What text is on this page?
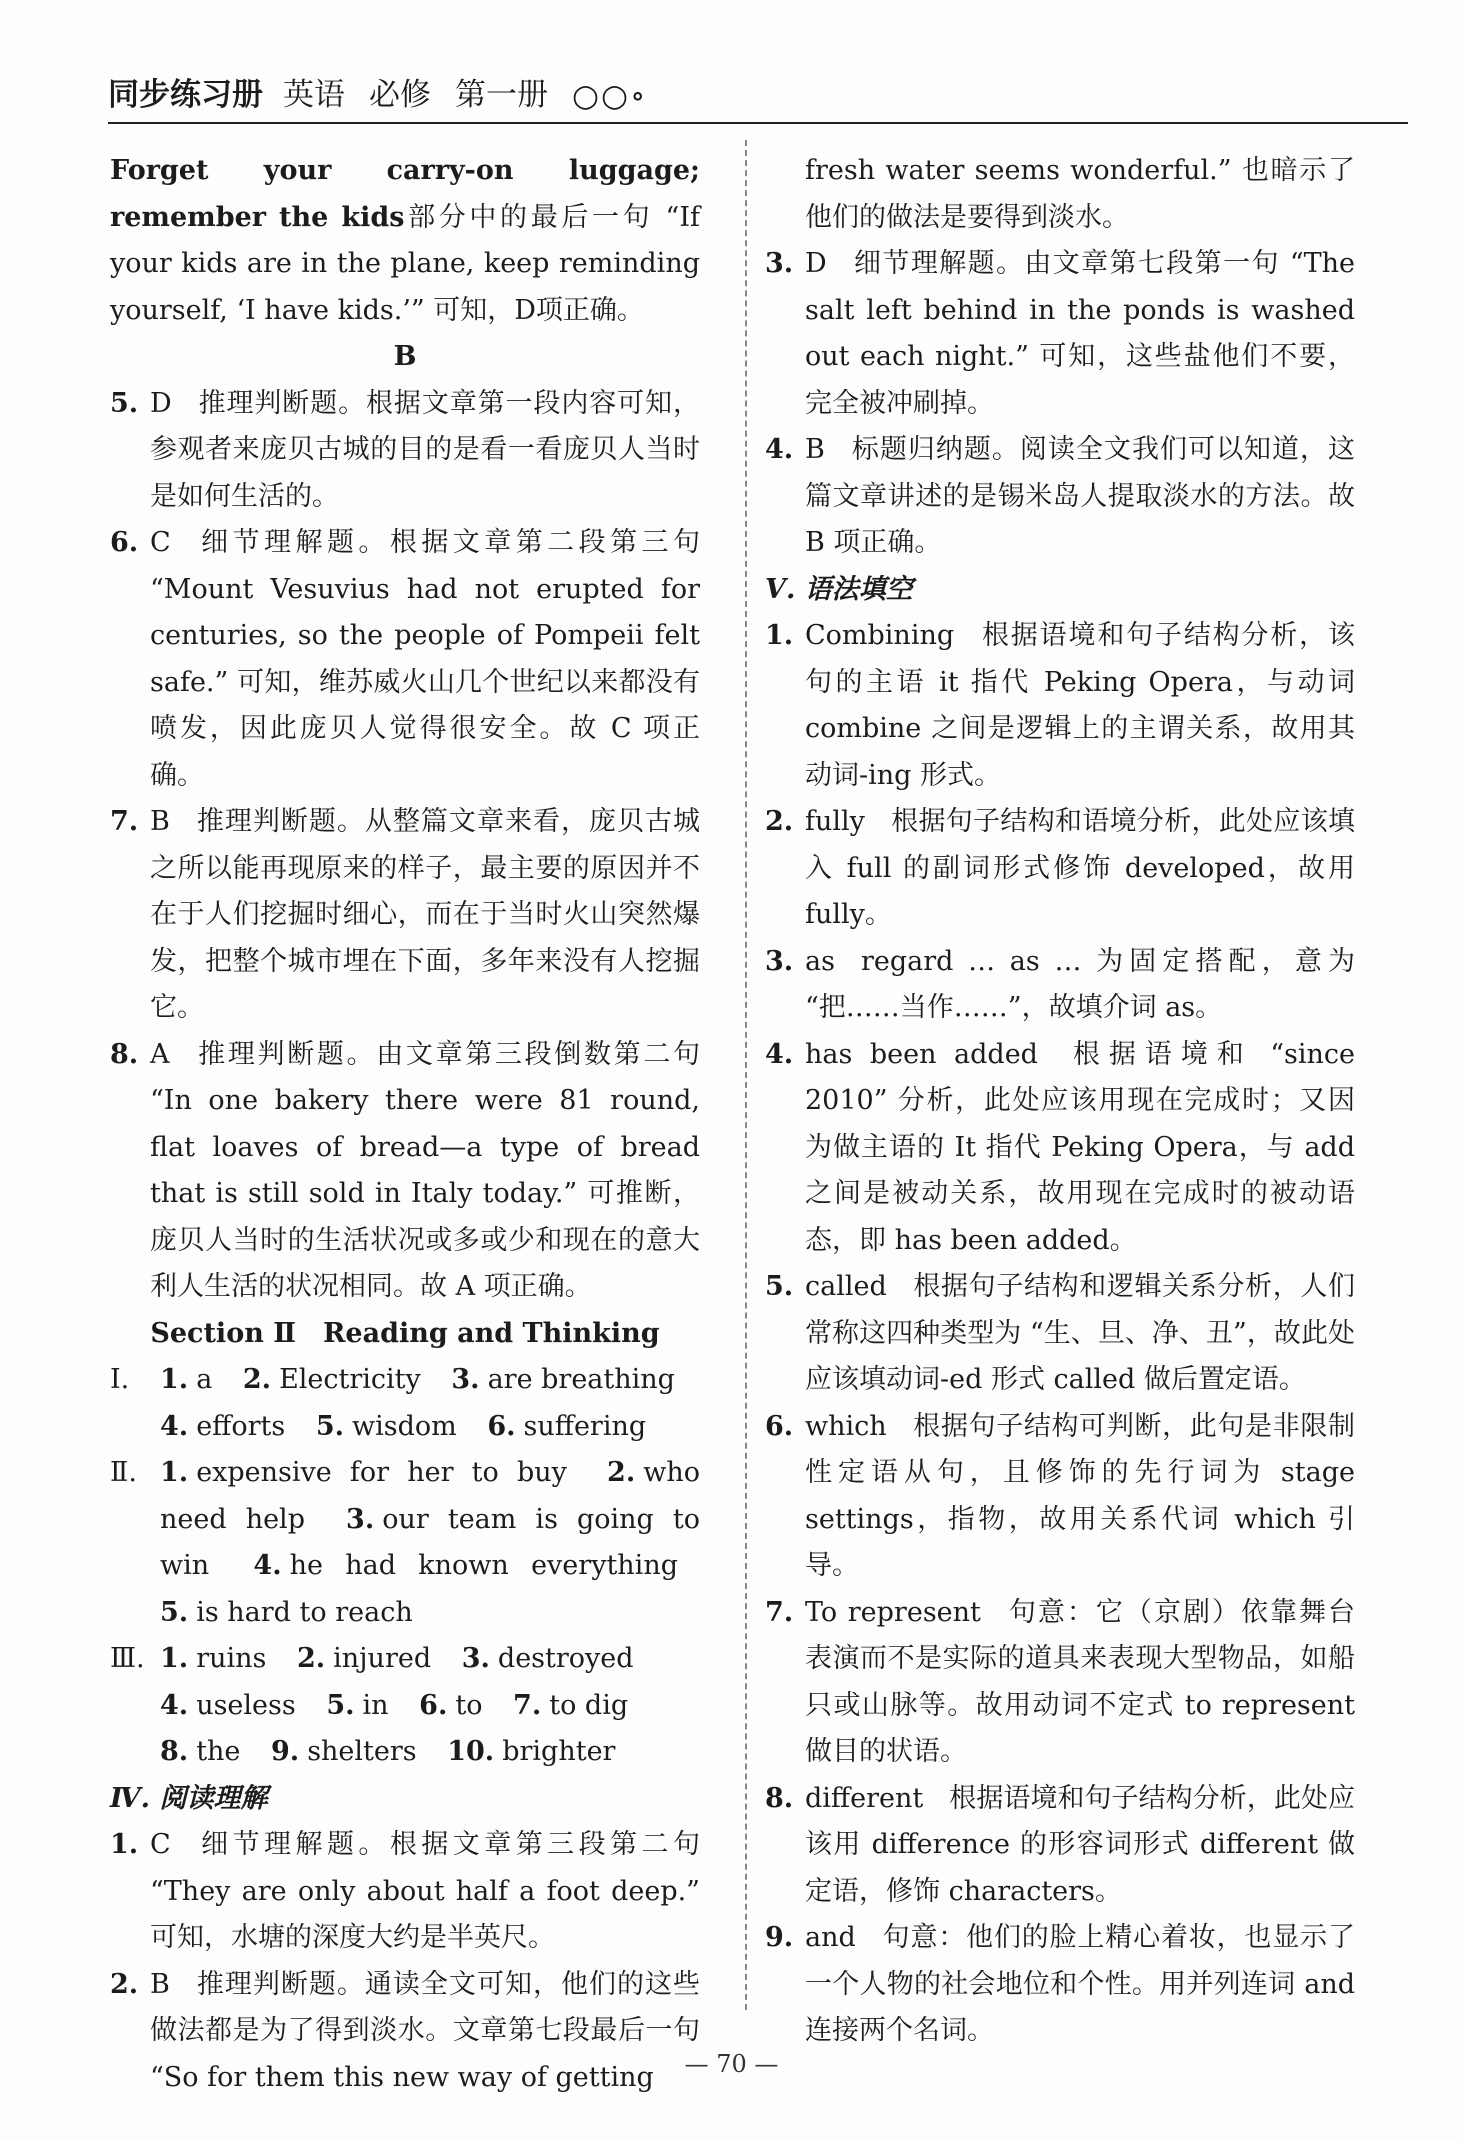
同步练习册 英语 必修 第一册 ○○∘

Forget your carry-on luggage; remember the kids部分中的最后一句 “If your kids are in the plane, keep reminding yourself, ‘I have kids.’” 可知，D项正确。

B
5. D 推理判断题。根据文章第一段内容可知，参观者来庞贝古城的目的是看一看庞贝人当时是如何生活的。
6. C 细节理解题。根据文章第二段第三句 “Mount Vesuvius had not erupted for centuries, so the people of Pompeii felt safe.” 可知，维苏威火山几个世纪以来都没有喷发，因此庞贝人觉得很安全。故 C 项正确。
7. B 推理判断题。从整篇文章来看，庞贝古城之所以能再现原来的样子，最主要的原因并不在于人们挖掘时细心，而在于当时火山突然爆发，把整个城市埋在下面，多年来没有人挖掘它。
8. A 推理判断题。由文章第三段倒数第二句 “In one bakery there were 81 round, flat loaves of bread—a type of bread that is still sold in Italy today.” 可推断，庞贝人当时的生活状况或多或少和现在的意大利人生活的状况相同。故 A 项正确。
Section Ⅱ　Reading and Thinking
Ⅰ.	1. a 2. Electricity 3. are breathing
4. efforts 5. wisdom 6. suffering
Ⅱ. 1. expensive for her to buy 2. who need help 3. our team is going to win 4. he had known everything 5. is hard to reach
Ⅲ. 1. ruins 2. injured 3. destroyed
4. useless 5. in 6. to 7. to dig
8. the 9. shelters 10. brighter
Ⅳ. 阅读理解
1. C 细节理解题。根据文章第三段第二句 “They are only about half a foot deep.” 可知，水塘的深度大约是半英尺。
2. B 推理判断题。通读全文可知，他们的这些做法都是为了得到淡水。文章第七段最后一句 “So for them this new way of getting

fresh water seems wonderful.” 也暗示了他们的做法是要得到淡水。

3. D 细节理解题。由文章第七段第一句 “The salt left behind in the ponds is washed out each night.” 可知，这些盐他们不要，完全被冲刷掉。
4. B 标题归纳题。阅读全文我们可以知道，这篇文章讲述的是锡米岛人提取淡水的方法。故 B 项正确。
Ⅴ. 语法填空
1. Combining 根据语境和句子结构分析，该句的主语 it 指代 Peking Opera，与动词 combine 之间是逻辑上的主谓关系，故用其动词-ing 形式。
2. fully 根据句子结构和语境分析，此处应该填入 full 的副词形式修饰 developed，故用 fully。
3. as regard … as … 为固定搭配，意为 “把……当作……”，故填介词 as。
4. has been added 根据语境和 “since 2010” 分析，此处应该用现在完成时；又因为做主语的 It 指代 Peking Opera，与 add 之间是被动关系，故用现在完成时的被动语态，即 has been added。
5. called 根据句子结构和逻辑关系分析，人们常称这四种类型为 “生、旦、净、丑”，故此处应该填动词-ed 形式 called 做后置定语。
6. which 根据句子结构可判断，此句是非限制性定语从句，且修饰的先行词为 stage settings，指物，故用关系代词 which 引导。
7. To represent 句意：它（京剧）依靠舞台表演而不是实际的道具来表现大型物品，如船只或山脉等。故用动词不定式 to represent 做目的状语。
8. different 根据语境和句子结构分析，此处应该用 difference 的形容词形式 different 做定语，修饰 characters。
9. and 句意：他们的脸上精心着妆，也显示了一个人物的社会地位和个性。用并列连词 and 连接两个名词。
— 70 —
